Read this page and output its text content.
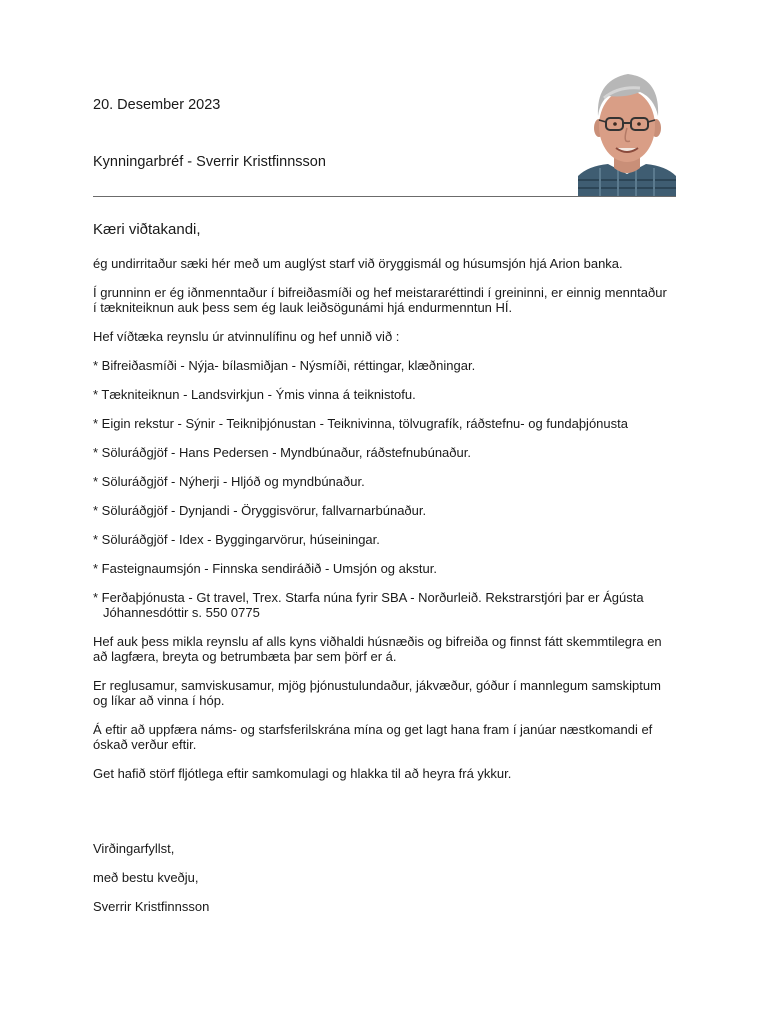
20. Desember 2023
Kynningarbréf - Sverrir Kristfinnsson
Kæri viðtakandi,

ég undirritaður sæki hér með um auglýst starf við öryggismál og húsumsjón hjá Arion banka.

Í grunninn er ég iðnmenntaður í bifreiðasmíði og hef meistararéttindi í greininni, er einnig menntaður í tækniteiknun auk þess sem ég lauk leiðsögunámi hjá endurmenntun HÍ.

Hef víðtæka reynslu úr atvinnulífinu og hef unnið við :

* Bifreiðasmíði - Nýja- bílasmiðjan - Nýsmíði, réttingar, klæðningar.

* Tækniteiknun - Landsvirkjun - Ýmis vinna á teiknistofu.

* Eigin rekstur - Sýnir - Teikniþjónustan - Teiknivinna, tölvugrafík, ráðstefnu- og fundaþjónusta

* Söluráðgjöf - Hans Pedersen - Myndbúnaður, ráðstefnubúnaður.

* Söluráðgjöf - Nýherji - Hljóð og myndbúnaður.

* Söluráðgjöf - Dynjandi - Öryggisvörur, fallvarnarbúnaður.

* Söluráðgjöf - Idex - Byggingarvörur, húseiningar.

* Fasteignaumsjón - Finnska sendiráðið - Umsjón og akstur.

* Ferðaþjónusta - Gt travel, Trex. Starfa núna fyrir SBA - Norðurleið. Rekstrarstjóri þar er Ágústa Jóhannesdóttir s. 550 0775

Hef auk þess mikla reynslu af alls kyns viðhaldi húsnæðis og bifreiða og finnst fátt skemmtilegra en að lagfæra, breyta og betrumbæta þar sem þörf er á.

Er reglusamur, samviskusamur, mjög þjónustulundaður, jákvæður, góður í mannlegum samskiptum og líkar að vinna í hóp.

Á eftir að uppfæra náms- og starfsferilskrána mína og get lagt hana fram í janúar næstkomandi ef óskað verður eftir.

Get hafið störf fljótlega eftir samkomulagi og hlakka til að heyra frá ykkur.

Virðingarfyllst,
með bestu kveðju,
Sverrir Kristfinnsson
